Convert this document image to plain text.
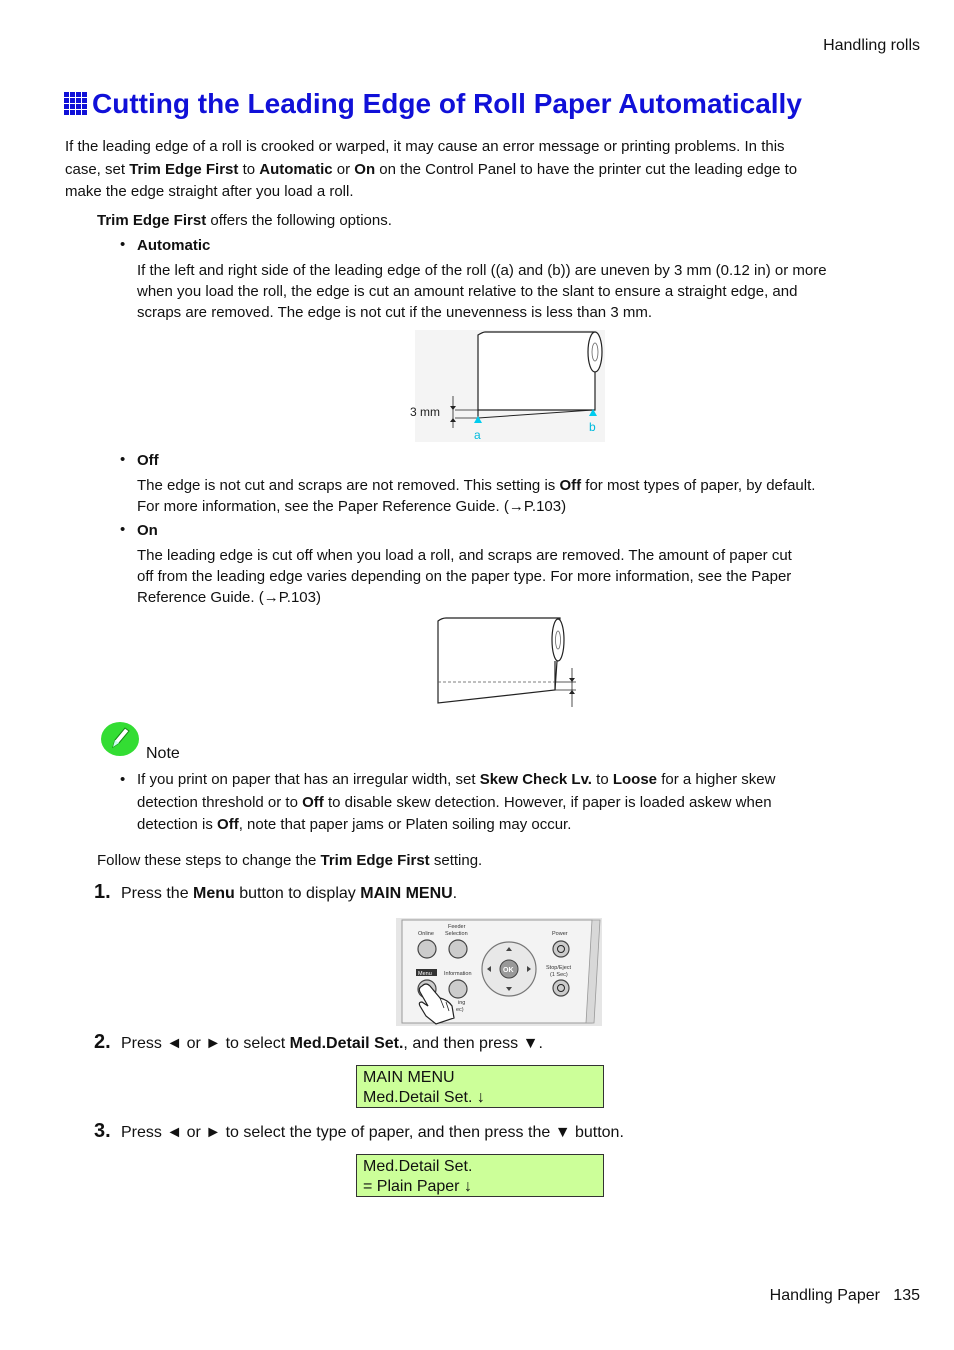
Handling rolls
Cutting the Leading Edge of Roll Paper Automatically
If the leading edge of a roll is crooked or warped, it may cause an error message or printing problems. In this
case, set Trim Edge First to Automatic or On on the Control Panel to have the printer cut the leading edge to
make the edge straight after you load a roll.
Trim Edge First offers the following options.
• Automatic
If the left and right side of the leading edge of the roll ((a) and (b)) are uneven by 3 mm (0.12 in) or more
when you load the roll, the edge is cut an amount relative to the slant to ensure a straight edge, and
scraps are removed. The edge is not cut if the unevenness is less than 3 mm.
3 mm
a
b
• Off
The edge is not cut and scraps are not removed. This setting is Off for most types of paper, by default.
For more information, see the Paper Reference Guide. (→P.103)
• On
The leading edge is cut off when you load a roll, and scraps are removed. The amount of paper cut
off from the leading edge varies depending on the paper type. For more information, see the Paper
Reference Guide. (→P.103)
Note
• If you print on paper that has an irregular width, set Skew Check Lv. to Loose for a higher skew
detection threshold or to Off to disable skew detection. However, if paper is loaded askew when
detection is Off, note that paper jams or Platen soiling may occur.
Follow these steps to change the Trim Edge First setting.
1. Press the Menu button to display MAIN MENU.
Online
Feeder
Selection	Power
OK
Menu Information
Stop/Eject
(1 Sec)
ing
ec)
2. Press ◄ or ► to select Med.Detail Set., and then press ▼.
MAIN MENU
Med.Detail Set. ↓
3. Press ◄ or ► to select the type of paper, and then press the ▼ button.
Med.Detail Set.
= Plain Paper ↓
Handling Paper 135
